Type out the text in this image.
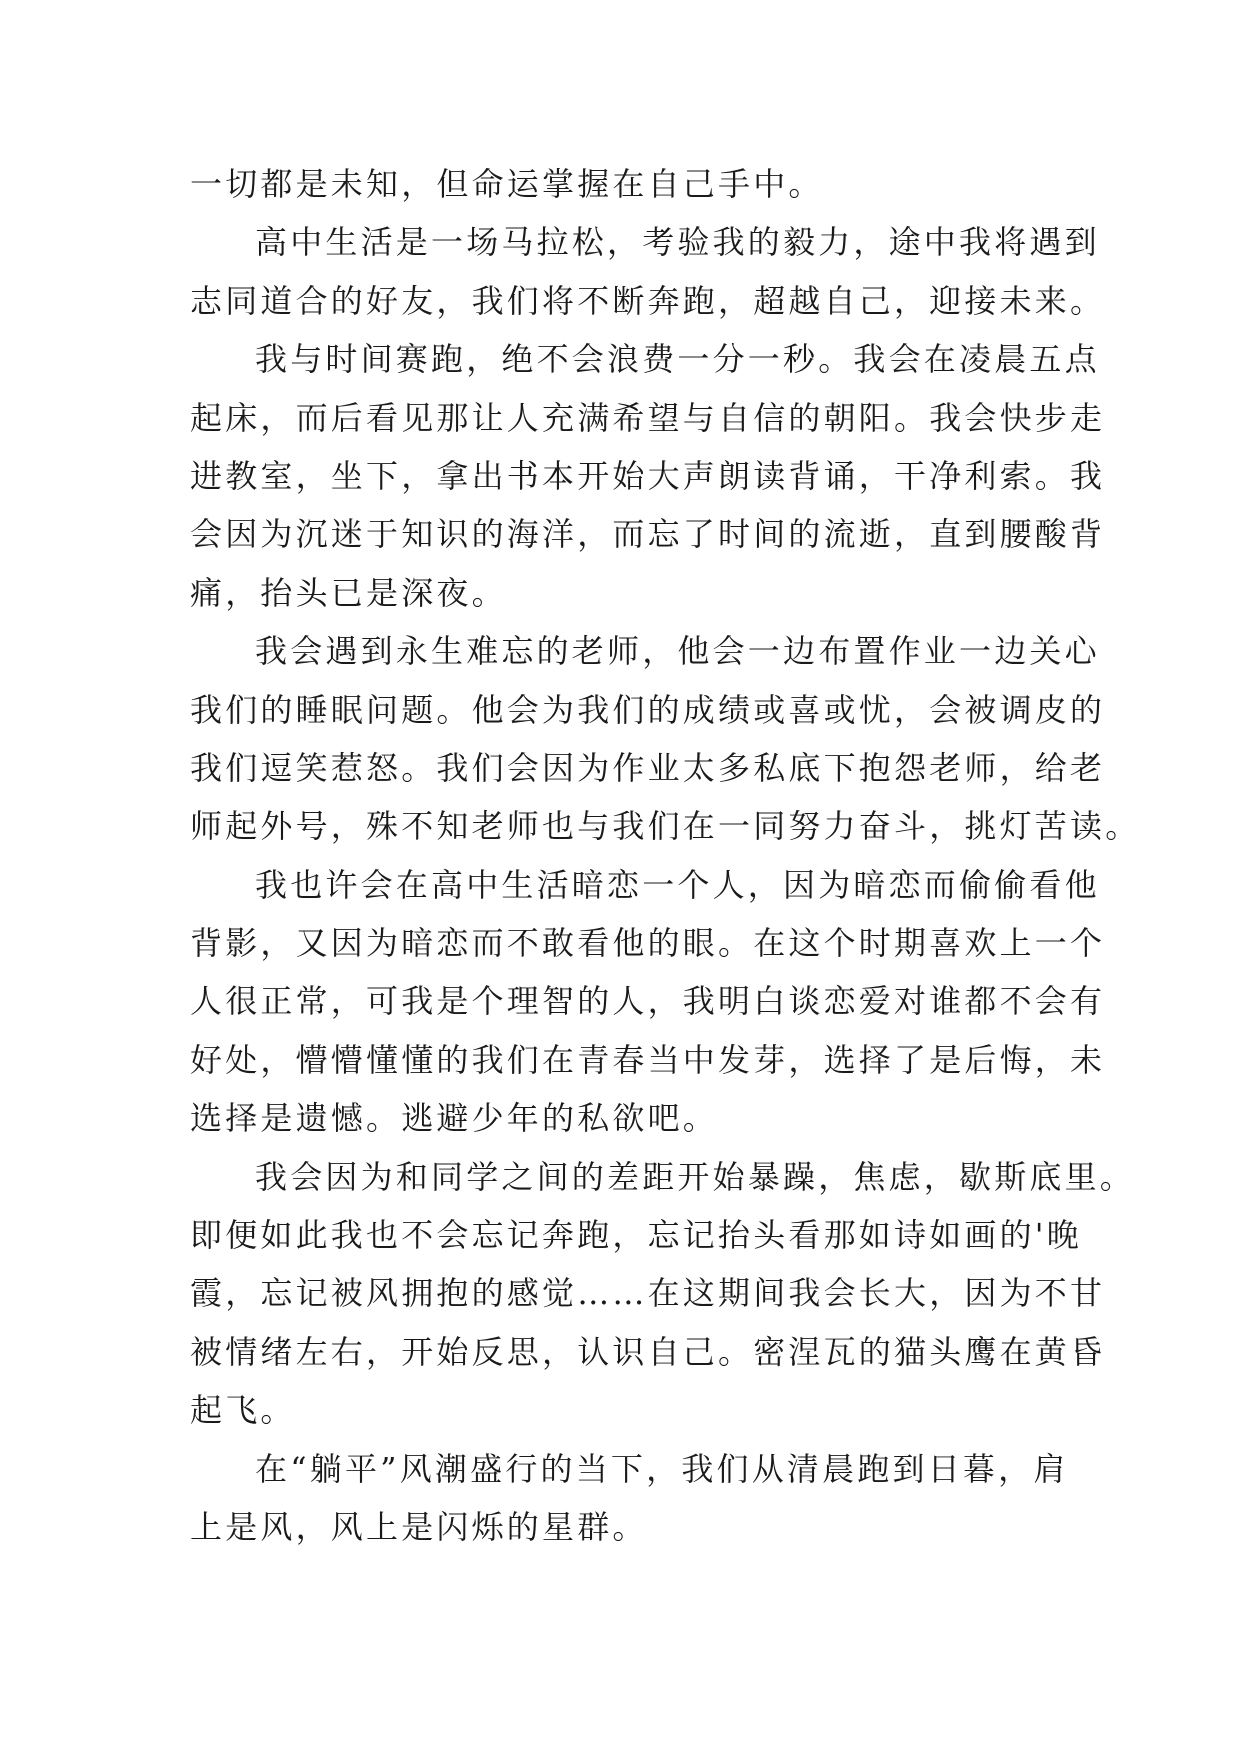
一切都是未知，但命运掌握在自己手中。
高中生活是一场马拉松，考验我的毅力，途中我将遇到
志同道合的好友，我们将不断奔跑，超越自己，迎接未来。
我与时间赛跑，绝不会浪费一分一秒。我会在凌晨五点
起床，而后看见那让人充满希望与自信的朝阳。我会快步走
进教室，坐下，拿出书本开始大声朗读背诵，干净利索。我
会因为沉迷于知识的海洋，而忘了时间的流逝，直到腰酸背
痛，抬头已是深夜。
我会遇到永生难忘的老师，他会一边布置作业一边关心
我们的睡眠问题。他会为我们的成绩或喜或忧，会被调皮的
我们逗笑惹怒。我们会因为作业太多私底下抱怨老师，给老
师起外号，殊不知老师也与我们在一同努力奋斗，挑灯苦读。
我也许会在高中生活暗恋一个人，因为暗恋而偷偷看他
背影，又因为暗恋而不敢看他的眼。在这个时期喜欢上一个
人很正常，可我是个理智的人，我明白谈恋爱对谁都不会有
好处，懵懵懂懂的我们在青春当中发芽，选择了是后悔，未
选择是遗憾。逃避少年的私欲吧。
我会因为和同学之间的差距开始暴躁，焦虑，歇斯底里。
即便如此我也不会忘记奔跑，忘记抬头看那如诗如画的'晚
霞，忘记被风拥抱的感觉……在这期间我会长大，因为不甘
被情绪左右，开始反思，认识自己。密涅瓦的猫头鹰在黄昏
起飞。
在“躺平”风潮盛行的当下，我们从清晨跑到日暮，肩
上是风，风上是闪烁的星群。
